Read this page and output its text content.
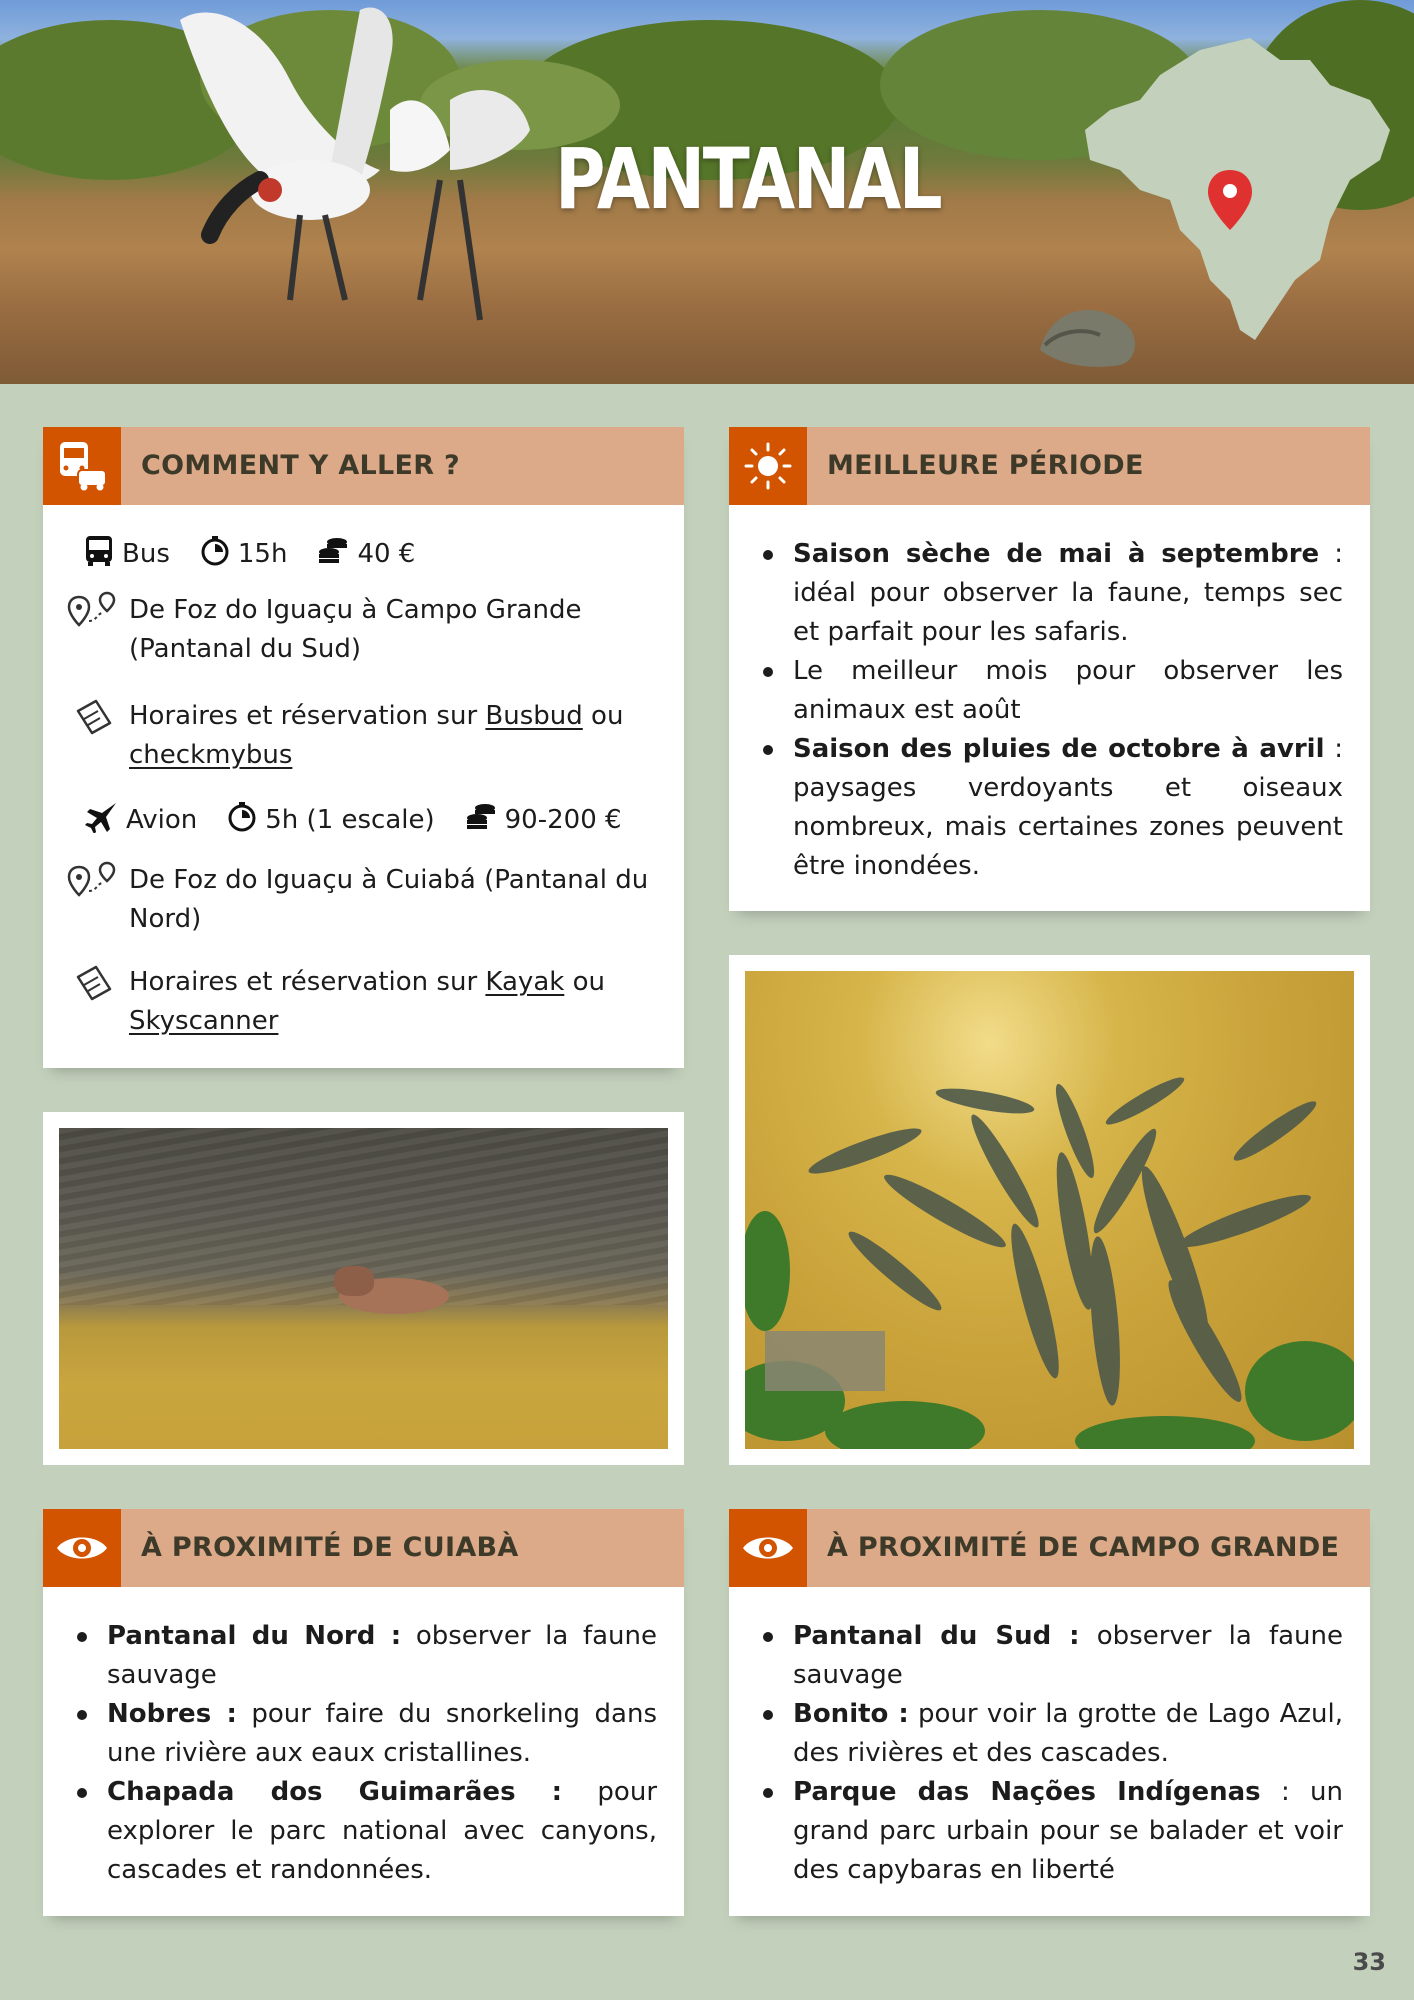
PANTANAL
COMMENT Y ALLER ?
Bus	15h	40 €
De Foz do Iguaçu à Campo Grande (Pantanal du Sud)
Horaires et réservation sur Busbud ou checkmybus
Avion	5h (1 escale)	90-200 €
De Foz do Iguaçu à Cuiabá (Pantanal du Nord)
Horaires et réservation sur Kayak ou Skyscanner
MEILLEURE PÉRIODE
Saison sèche de mai à septembre : idéal pour observer la faune, temps sec et parfait pour les safaris.
Le meilleur mois pour observer les animaux est août
Saison des pluies de octobre à avril : paysages verdoyants et oiseaux nombreux, mais certaines zones peuvent être inondées.
À PROXIMITÉ DE CUIABÀ
Pantanal du Nord : observer la faune sauvage
Nobres : pour faire du snorkeling dans une rivière aux eaux cristallines.
Chapada dos Guimarães : pour explorer le parc national avec canyons, cascades et randonnées.
À PROXIMITÉ DE CAMPO GRANDE
Pantanal du Sud : observer la faune sauvage
Bonito : pour voir la grotte de Lago Azul, des rivières et des cascades.
Parque das Nações Indígenas : un grand parc urbain pour se balader et voir des capybaras en liberté
33
